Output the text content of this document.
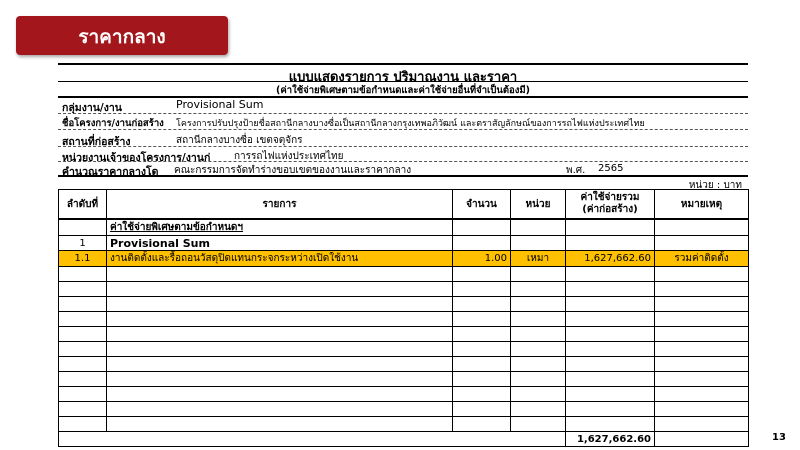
ราคากลาง
แบบแสดงรายการ ปริมาณงาน และราคา
(ค่าใช้จ่ายพิเศษตามข้อกำหนดและค่าใช้จ่ายอื่นที่จำเป็นต้องมี)
กลุ่มงาน/งาน	Provisional Sum
ชื่อโครงการ/งานก่อสร้าง โครงการปรับปรุงป้ายชื่อสถานีกลางบางซื่อเป็นสถานีกลางกรุงเทพอภิวัฒน์ และตราสัญลักษณ์ของการรถไฟแห่งประเทศไทย
สถานที่ก่อสร้าง	สถานีกลางบางซื่อ เขตจตุจักร
หน่วยงานเจ้าของโครงการ/งานก่ การรถไฟแห่งประเทศไทย
คำนวณราคากลางโด คณะกรรมการจัดทำร่างขอบเขตของงานและราคากลาง	พ.ศ. 2565
หน่วย : บาท
ลำดับที่	รายการ	จำนวน	หน่วย	ค่าใช้จ่ายรวม
(ค่าก่อสร้าง)	หมายเหตุ
	ค่าใช้จ่ายพิเศษตามข้อกำหนดฯ				
1	Provisional Sum				
1.1	งานติดตั้งและรื้อถอนวัสดุปิดแทนกระจกระหว่างเปิดใช้งาน	1.00	เหมา	1,627,662.60	รวมค่าติดตั้ง

				1,627,662.60		13
